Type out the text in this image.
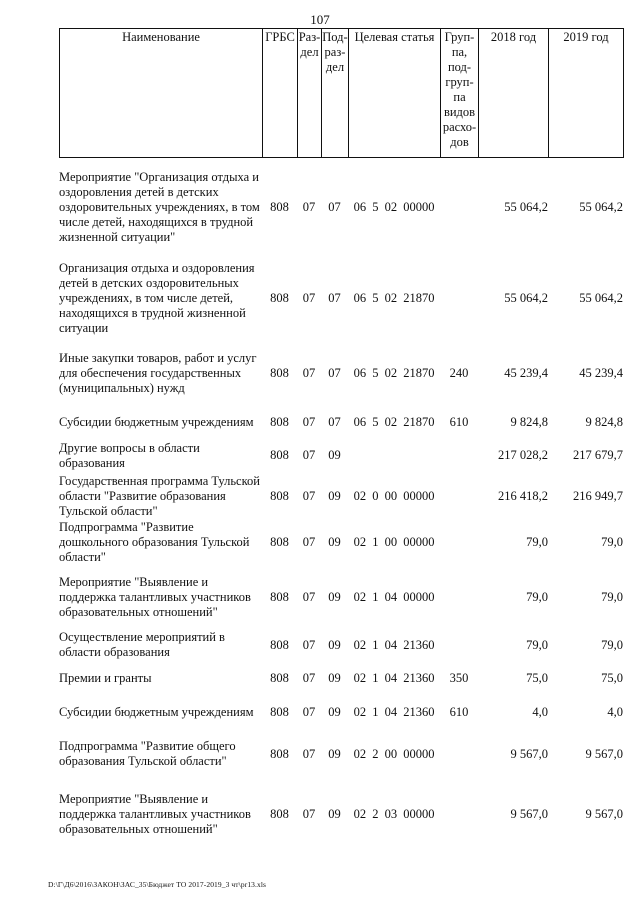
107
Наименование	ГРБС	Раз-дел	Под-раз-дел	Целевая статья	Груп-па, под-груп-па видов расхо-дов	2018 год	2019 год
Мероприятие "Организация отдыха и оздоровления детей в детских оздоровительных учреждениях, в том числе детей, находящихся в трудной жизненной ситуации"	808	07	07	06 5 02 00000		55 064,2	55 064,2
Организация отдыха и оздоровления детей в детских оздоровительных учреждениях, в том числе детей, находящихся в трудной жизненной ситуации	808	07	07	06 5 02 21870		55 064,2	55 064,2
Иные закупки товаров, работ и услуг для обеспечения государственных (муниципальных) нужд	808	07	07	06 5 02 21870	240	45 239,4	45 239,4
Субсидии бюджетным учреждениям	808	07	07	06 5 02 21870	610	9 824,8	9 824,8
Другие вопросы в области образования	808	07	09			217 028,2	217 679,7
Государственная программа Тульской области "Развитие образования Тульской области"	808	07	09	02 0 00 00000		216 418,2	216 949,7
Подпрограмма "Развитие дошкольного образования Тульской области"	808	07	09	02 1 00 00000		79,0	79,0
Мероприятие "Выявление и поддержка талантливых участников образовательных отношений"	808	07	09	02 1 04 00000		79,0	79,0
Осуществление мероприятий в области образования	808	07	09	02 1 04 21360		79,0	79,0
Премии и гранты	808	07	09	02 1 04 21360	350	75,0	75,0
Субсидии бюджетным учреждениям	808	07	09	02 1 04 21360	610	4,0	4,0
Подпрограмма "Развитие общего образования Тульской области"	808	07	09	02 2 00 00000		9 567,0	9 567,0
Мероприятие "Выявление и поддержка талантливых участников образовательных отношений"	808	07	09	02 2 03 00000		9 567,0	9 567,0
D:\Г\Д6\2016\ЗАКОН\ЗАС_35\Бюджет ТО 2017-2019_3 чт\pr13.xls
